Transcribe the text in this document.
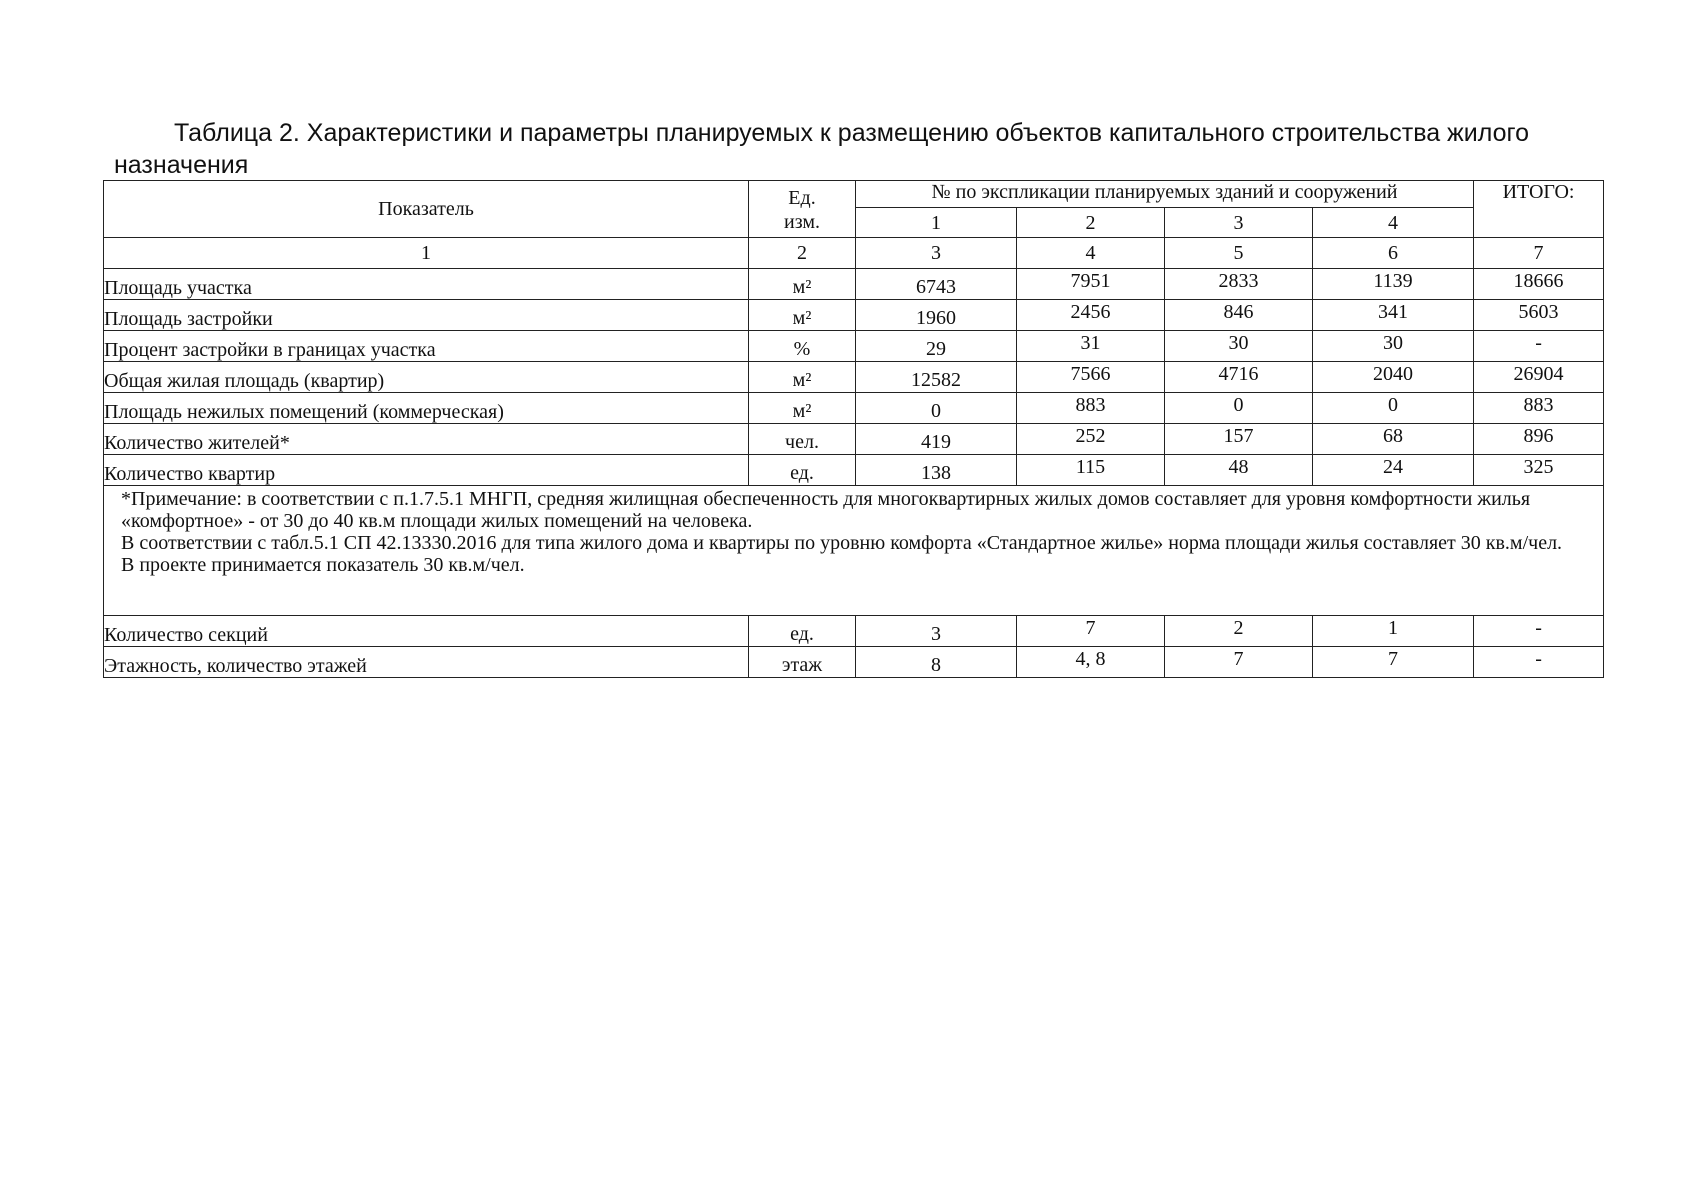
Таблица 2. Характеристики и параметры планируемых к размещению объектов капитального строительства жилого назначения
Показатель	Ед. изм.	№ по экспликации планируемых зданий и сооружений				ИТОГО:
		1	2	3	4	
1	2	3	4	5	6	7
Площадь участка	м²	6743	7951	2833	1139	18666

Площадь застройки	м²	1960	2456	846	341	5603

Процент застройки в границах участка	%	29	31	30	30	-

Общая жилая площадь (квартир)	м²	12582	7566	4716	2040	26904

Площадь нежилых помещений (коммерческая)	м²	0	883	0	0	883

Количество жителей*	чел.	419	252	157	68	896

Количество квартир	ед.	138	115	48	24	325

*Примечание: в соответствии с п.1.7.5.1 МНГП, средняя жилищная обеспеченность для многоквартирных жилых домов составляет для уровня комфортности жилья «комфортное» - от 30 до 40 кв.м площади жилых помещений на человека.
В соответствии с табл.5.1 СП 42.13330.2016 для типа жилого дома и квартиры по уровню комфорта «Стандартное жилье» норма площади жилья составляет 30 кв.м/чел.
В проекте принимается показатель 30 кв.м/чел.						

Количество секций	ед.	3	7	2	1	-

Этажность, количество этажей	этаж	8	4, 8	7	7	-
